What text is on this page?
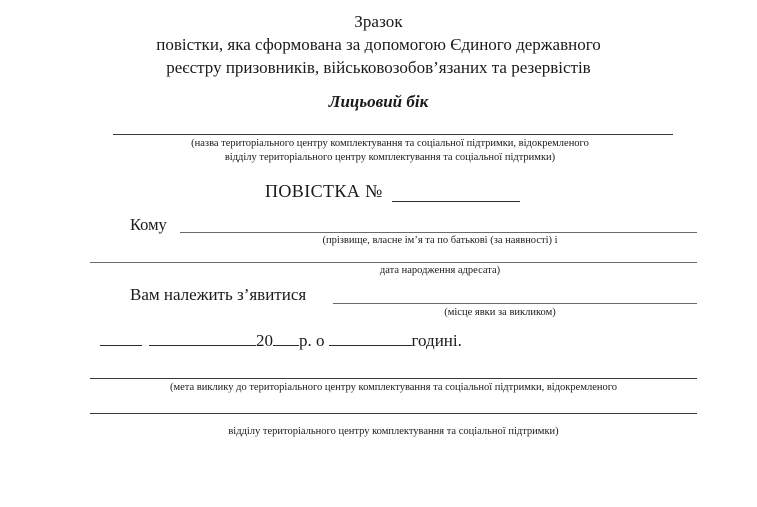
Зразок
повістки, яка сформована за допомогою Єдиного державного
реєстру призовників, військовозобов’язаних та резервістів
Лицьовий бік
(назва територіального центру комплектування та соціальної підтримки, відокремленого
відділу територіального центру комплектування та соціальної підтримки)
ПОВІСТКА №
Кому
(прізвище, власне ім’я та по батькові (за наявності) і
дата народження адресата)
Вам належить з’явитися
(місце явки за викликом)
20 р. о	годині.
(мета виклику до територіального центру комплектування та соціальної підтримки, відокремленого
відділу територіального центру комплектування та соціальної підтримки)
